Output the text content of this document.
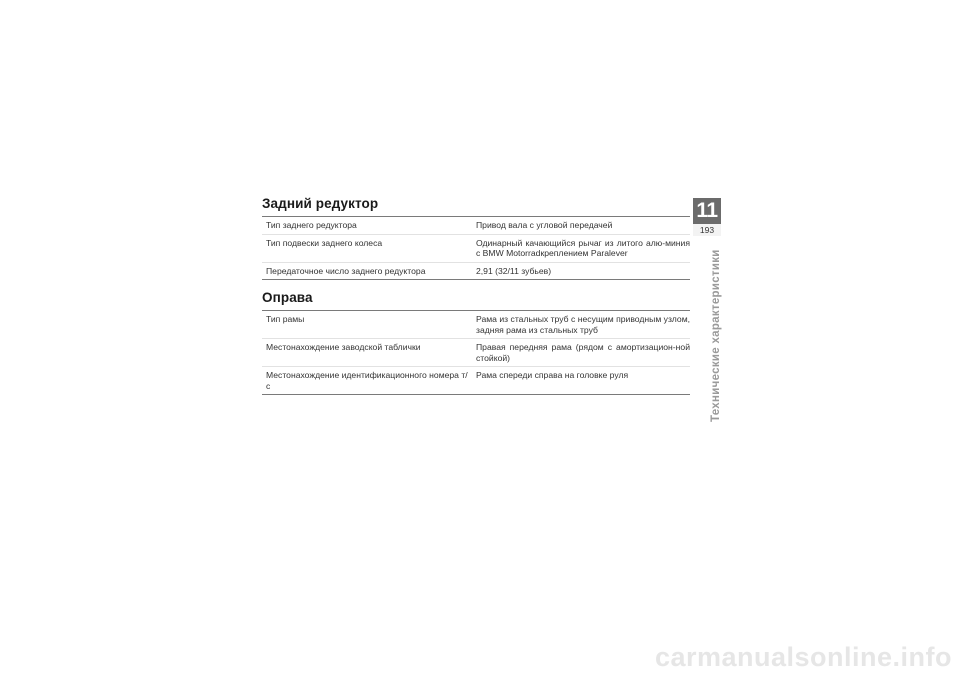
Задний редуктор
Тип заднего редуктора	Привод вала с угловой передачей
Тип подвески заднего колеса	Одинарный качающийся рычаг из литого алю-миния с BMW Motorradкреплением Paralever
Передаточное число заднего редуктора	2,91 (32/11 зубьев)
Оправа
Тип рамы	Рама из стальных труб с несущим приводным узлом, задняя рама из стальных труб
Местонахождение заводской таблички	Правая передняя рама (рядом с амортизацион-ной стойкой)
Местонахождение идентификационного номера т/с	Рама спереди справа на головке руля
11
193
Технические характеристики
carmanualsonline.info
